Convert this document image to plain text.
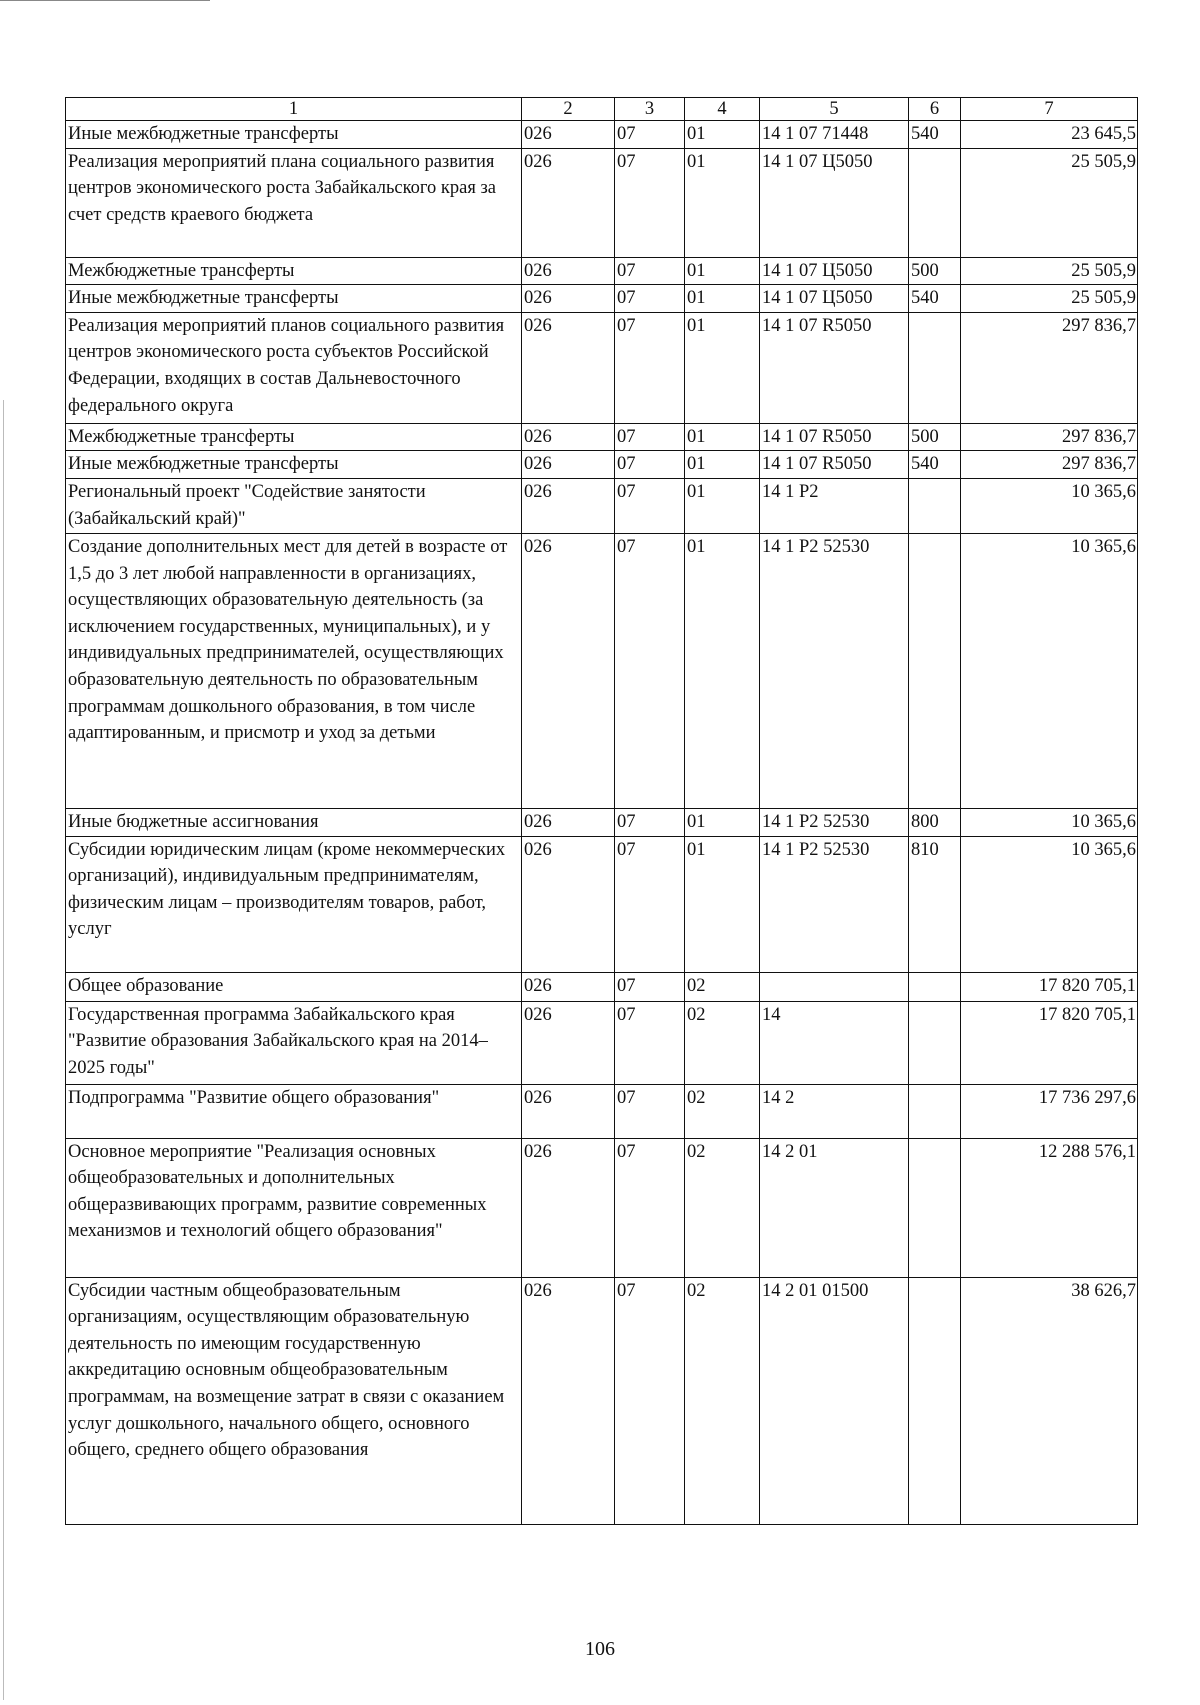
1	2	3	4	5	6	7
Иные межбюджетные трансферты	026	07	01	14 1 07 71448	540	23 645,5
Реализация мероприятий плана социального развития центров экономического роста Забайкальского края за счет средств краевого бюджета	026	07	01	14 1 07 Ц5050		25 505,9
Межбюджетные трансферты	026	07	01	14 1 07 Ц5050	500	25 505,9
Иные межбюджетные трансферты	026	07	01	14 1 07 Ц5050	540	25 505,9
Реализация мероприятий планов социального развития центров экономического роста субъектов Российской Федерации, входящих в состав Дальневосточного федерального округа	026	07	01	14 1 07 R5050		297 836,7
Межбюджетные трансферты	026	07	01	14 1 07 R5050	500	297 836,7
Иные межбюджетные трансферты	026	07	01	14 1 07 R5050	540	297 836,7
Региональный проект "Содействие занятости (Забайкальский край)"	026	07	01	14 1 P2		10 365,6
Создание дополнительных мест для детей в возрасте от 1,5 до 3 лет любой направленности в организациях, осуществляющих образовательную деятельность (за исключением государственных, муниципальных), и у индивидуальных предпринимателей, осуществляющих образовательную деятельность по образовательным программам дошкольного образования, в том числе адаптированным, и присмотр и уход за детьми	026	07	01	14 1 P2 52530		10 365,6
Иные бюджетные ассигнования	026	07	01	14 1 P2 52530	800	10 365,6
Субсидии юридическим лицам (кроме некоммерческих организаций), индивидуальным предпринимателям, физическим лицам – производителям товаров, работ, услуг	026	07	01	14 1 P2 52530	810	10 365,6
Общее образование	026	07	02			17 820 705,1
Государственная программа Забайкальского края "Развитие образования Забайкальского края на 2014–2025 годы"	026	07	02	14		17 820 705,1
Подпрограмма "Развитие общего образования"	026	07	02	14 2		17 736 297,6
Основное мероприятие "Реализация основных общеобразовательных и дополнительных общеразвивающих программ, развитие современных механизмов и технологий общего образования"	026	07	02	14 2 01		12 288 576,1
Субсидии частным общеобразовательным организациям, осуществляющим образовательную деятельность по имеющим государственную аккредитацию основным общеобразовательным программам, на возмещение затрат в связи с оказанием услуг дошкольного, начального общего, основного общего, среднего общего образования	026	07	02	14 2 01 01500		38 626,7
106
